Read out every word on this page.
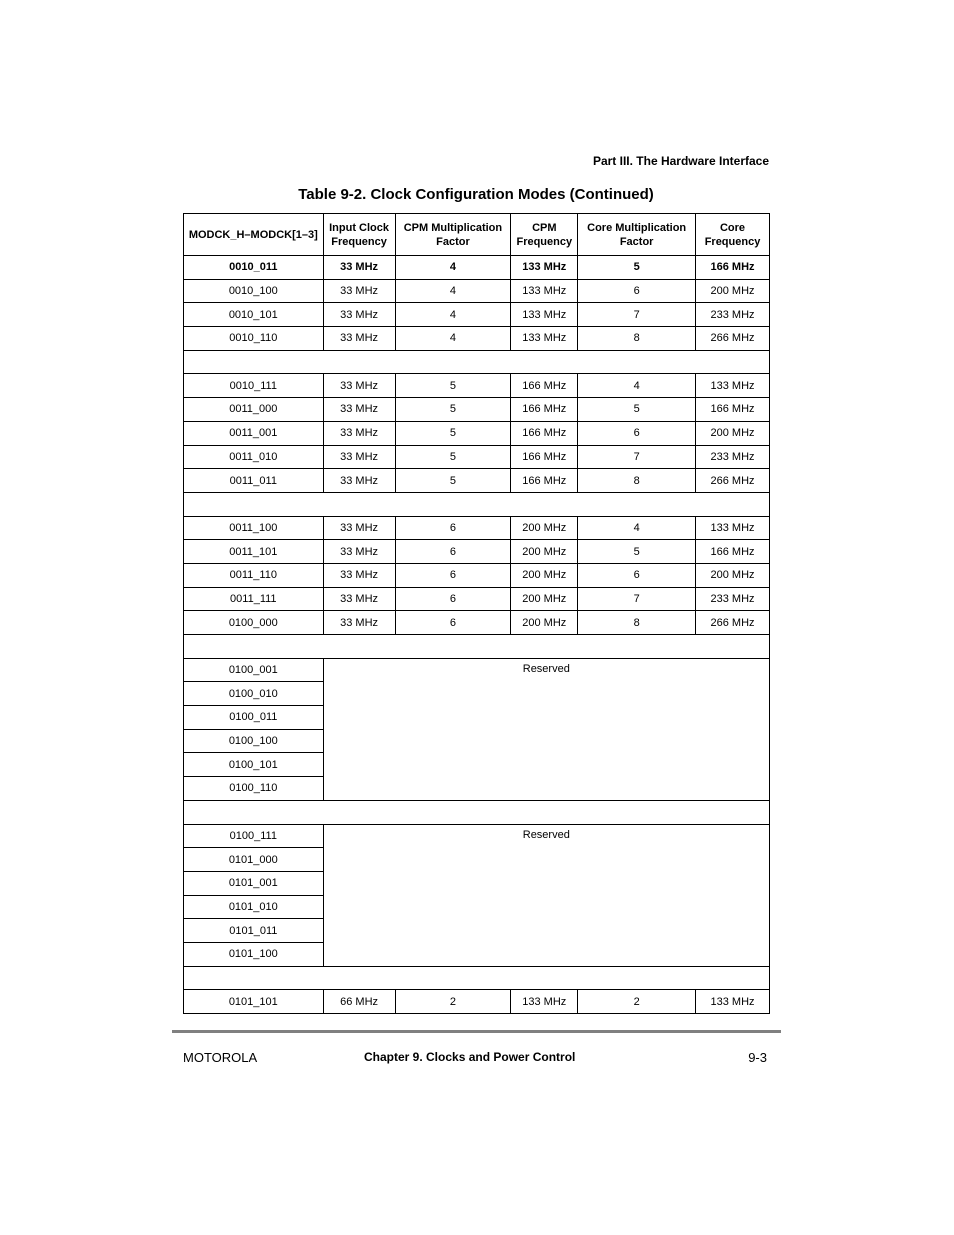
Part III. The Hardware Interface
Table 9-2. Clock Configuration Modes (Continued)
MODCK_H–MODCK[1–3]	Input Clock Frequency	CPM Multiplication Factor	CPM Frequency	Core Multiplication Factor	Core Frequency
0010_011	33 MHz	4	133 MHz	5	166 MHz
0010_100	33 MHz	4	133 MHz	6	200 MHz
0010_101	33 MHz	4	133 MHz	7	233 MHz
0010_110	33 MHz	4	133 MHz	8	266 MHz

0010_111	33 MHz	5	166 MHz	4	133 MHz
0011_000	33 MHz	5	166 MHz	5	166 MHz
0011_001	33 MHz	5	166 MHz	6	200 MHz
0011_010	33 MHz	5	166 MHz	7	233 MHz
0011_011	33 MHz	5	166 MHz	8	266 MHz

0011_100	33 MHz	6	200 MHz	4	133 MHz
0011_101	33 MHz	6	200 MHz	5	166 MHz
0011_110	33 MHz	6	200 MHz	6	200 MHz
0011_111	33 MHz	6	200 MHz	7	233 MHz
0100_000	33 MHz	6	200 MHz	8	266 MHz

0100_001	Reserved				
0100_010					
0100_011					
0100_100					
0100_101					
0100_110					

0100_111	Reserved				
0101_000					
0101_001					
0101_010					
0101_011					
0101_100					

0101_101	66 MHz	2	133 MHz	2	133 MHz
MOTOROLA	Chapter 9. Clocks and Power Control	9-3
